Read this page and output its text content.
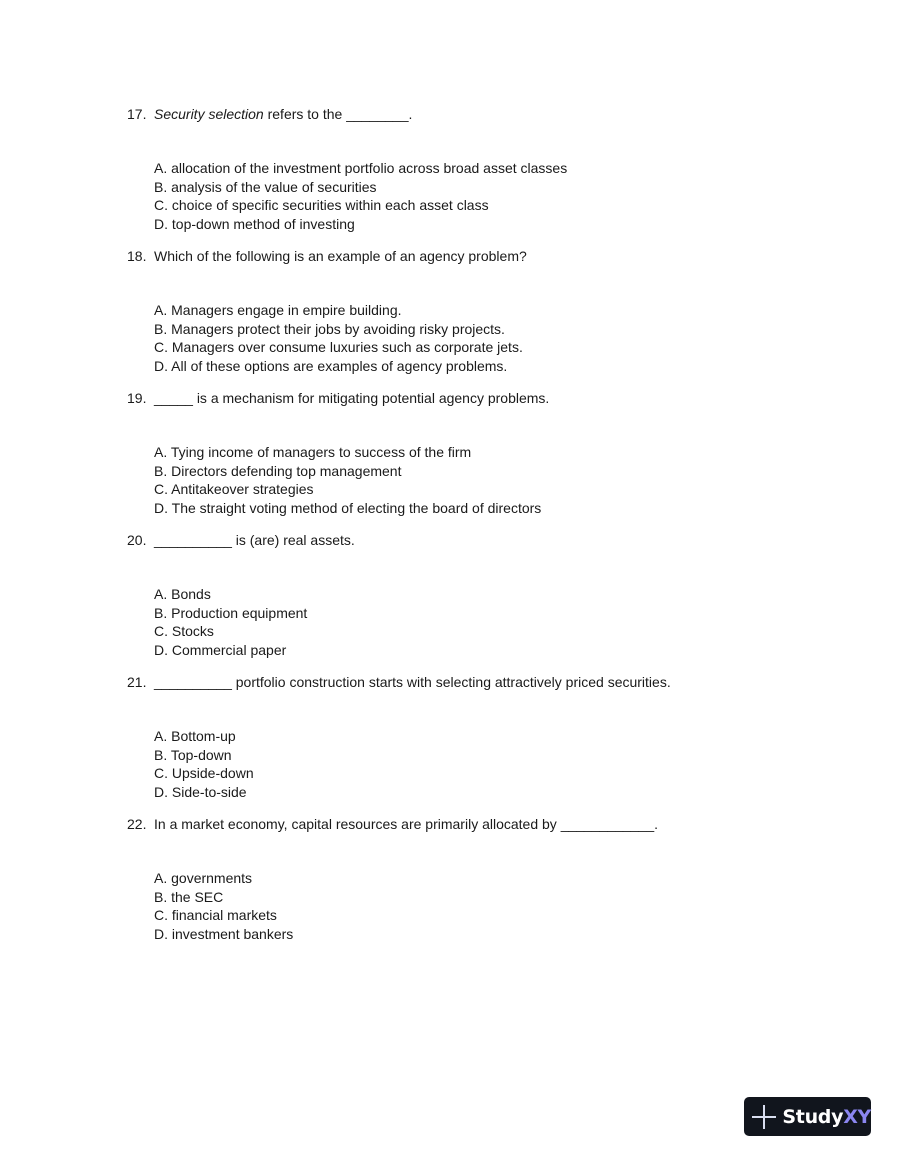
17. Security selection refers to the ________.
A. allocation of the investment portfolio across broad asset classes
B. analysis of the value of securities
C. choice of specific securities within each asset class
D. top-down method of investing
18. Which of the following is an example of an agency problem?
A. Managers engage in empire building.
B. Managers protect their jobs by avoiding risky projects.
C. Managers over consume luxuries such as corporate jets.
D. All of these options are examples of agency problems.
19. _____ is a mechanism for mitigating potential agency problems.
A. Tying income of managers to success of the firm
B. Directors defending top management
C. Antitakeover strategies
D. The straight voting method of electing the board of directors
20. __________ is (are) real assets.
A. Bonds
B. Production equipment
C. Stocks
D. Commercial paper
21. __________ portfolio construction starts with selecting attractively priced securities.
A. Bottom-up
B. Top-down
C. Upside-down
D. Side-to-side
22. In a market economy, capital resources are primarily allocated by ____________.
A. governments
B. the SEC
C. financial markets
D. investment bankers
StudyXY
